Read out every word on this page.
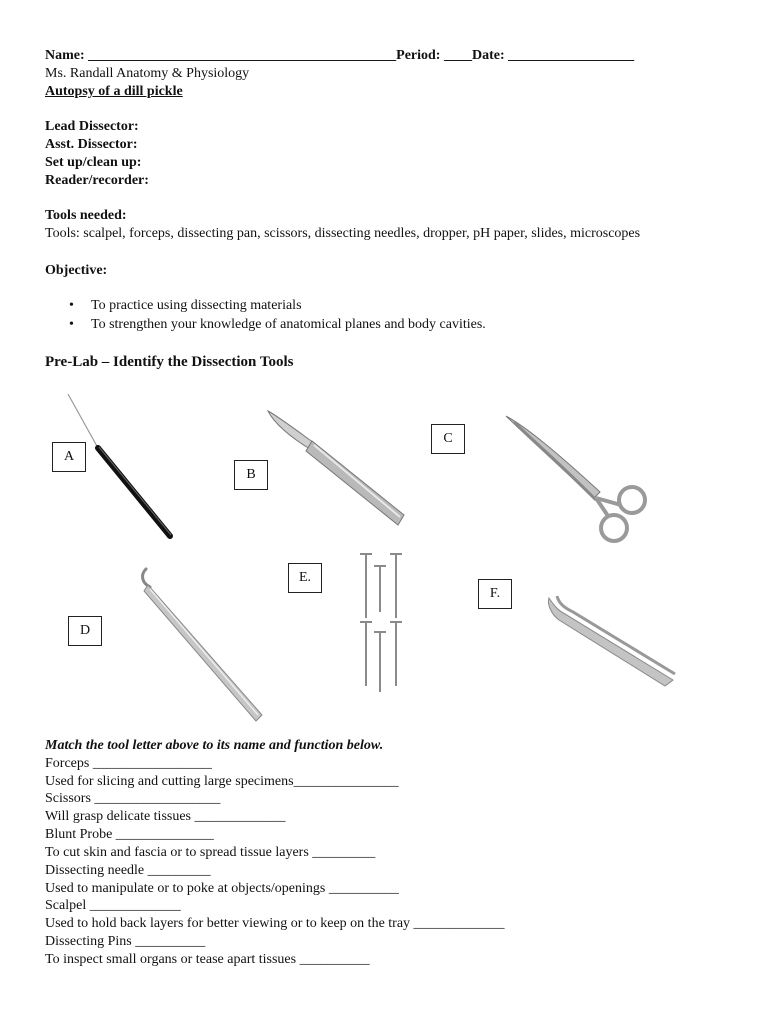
Name: ____________________________________________Period: ____Date: __________________
Ms. Randall Anatomy & Physiology
Autopsy of a dill pickle
Lead Dissector:
Asst. Dissector:
Set up/clean up:
Reader/recorder:
Tools needed:
Tools: scalpel, forceps, dissecting pan, scissors, dissecting needles, dropper, pH paper, slides, microscopes
Objective:
• To practice using dissecting materials
• To strengthen your knowledge of anatomical planes and body cavities.
Pre-Lab – Identify the Dissection Tools
A
B
C
D
E.
F.
Match the tool letter above to its name and function below.
Forceps _________________
Used for slicing and cutting large specimens_______________
Scissors __________________
Will grasp delicate tissues _____________
Blunt Probe ______________
To cut skin and fascia or to spread tissue layers _________
Dissecting needle _________
Used to manipulate or to poke at objects/openings __________
Scalpel _____________
Used to hold back layers for better viewing or to keep on the tray _____________
Dissecting Pins __________
To inspect small organs or tease apart tissues __________
